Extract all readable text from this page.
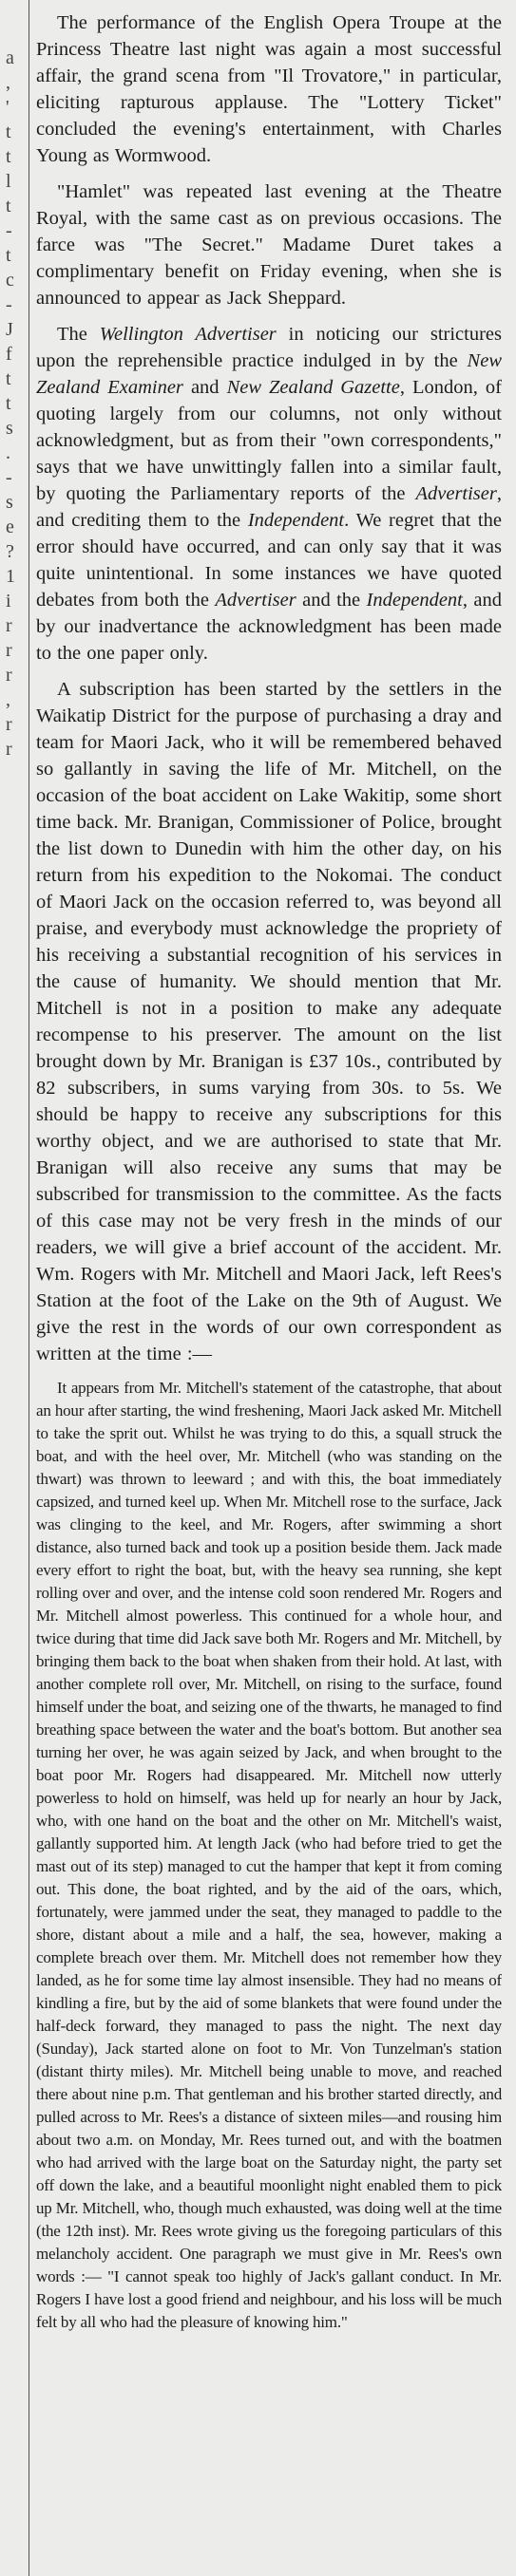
a
,
'
t
t
l
t
-
t
c
-
J
f
t
t
s
.
-
s
e
?
1
i
r
r
r
,
r
r

The performance of the English Opera Troupe at the Princess Theatre last night was again a most successful affair, the grand scena from "Il Trovatore," in particular, eliciting rapturous applause. The "Lottery Ticket" concluded the evening's entertainment, with Charles Young as Wormwood.

"Hamlet" was repeated last evening at the Theatre Royal, with the same cast as on previous occasions. The farce was "The Secret." Madame Duret takes a complimentary benefit on Friday evening, when she is announced to appear as Jack Sheppard.

The Wellington Advertiser in noticing our strictures upon the reprehensible practice indulged in by the New Zealand Examiner and New Zealand Gazette, London, of quoting largely from our columns, not only without acknowledgment, but as from their "own correspondents," says that we have unwittingly fallen into a similar fault, by quoting the Parliamentary reports of the Advertiser, and crediting them to the Independent. We regret that the error should have occurred, and can only say that it was quite unintentional. In some instances we have quoted debates from both the Advertiser and the Independent, and by our inadvertance the acknowledgment has been made to the one paper only.

A subscription has been started by the settlers in the Waikatip District for the purpose of purchasing a dray and team for Maori Jack, who it will be remembered behaved so gallantly in saving the life of Mr. Mitchell, on the occasion of the boat accident on Lake Wakitip, some short time back. Mr. Branigan, Commissioner of Police, brought the list down to Dunedin with him the other day, on his return from his expedition to the Nokomai. The conduct of Maori Jack on the occasion referred to, was beyond all praise, and everybody must acknowledge the propriety of his receiving a substantial recognition of his services in the cause of humanity. We should mention that Mr. Mitchell is not in a position to make any adequate recompense to his preserver. The amount on the list brought down by Mr. Branigan is £37 10s., contributed by 82 subscribers, in sums varying from 30s. to 5s. We should be happy to receive any subscriptions for this worthy object, and we are authorised to state that Mr. Branigan will also receive any sums that may be subscribed for transmission to the committee. As the facts of this case may not be very fresh in the minds of our readers, we will give a brief account of the accident. Mr. Wm. Rogers with Mr. Mitchell and Maori Jack, left Rees's Station at the foot of the Lake on the 9th of August. We give the rest in the words of our own correspondent as written at the time :—

It appears from Mr. Mitchell's statement of the catastrophe, that about an hour after starting, the wind freshening, Maori Jack asked Mr. Mitchell to take the sprit out. Whilst he was trying to do this, a squall struck the boat, and with the heel over, Mr. Mitchell (who was standing on the thwart) was thrown to leeward ; and with this, the boat immediately capsized, and turned keel up. When Mr. Mitchell rose to the surface, Jack was clinging to the keel, and Mr. Rogers, after swimming a short distance, also turned back and took up a position beside them. Jack made every effort to right the boat, but, with the heavy sea running, she kept rolling over and over, and the intense cold soon rendered Mr. Rogers and Mr. Mitchell almost powerless. This continued for a whole hour, and twice during that time did Jack save both Mr. Rogers and Mr. Mitchell, by bringing them back to the boat when shaken from their hold. At last, with another complete roll over, Mr. Mitchell, on rising to the surface, found himself under the boat, and seizing one of the thwarts, he managed to find breathing space between the water and the boat's bottom. But another sea turning her over, he was again seized by Jack, and when brought to the boat poor Mr. Rogers had disappeared. Mr. Mitchell now utterly powerless to hold on himself, was held up for nearly an hour by Jack, who, with one hand on the boat and the other on Mr. Mitchell's waist, gallantly supported him. At length Jack (who had before tried to get the mast out of its step) managed to cut the hamper that kept it from coming out. This done, the boat righted, and by the aid of the oars, which, fortunately, were jammed under the seat, they managed to paddle to the shore, distant about a mile and a half, the sea, however, making a complete breach over them. Mr. Mitchell does not remember how they landed, as he for some time lay almost insensible. They had no means of kindling a fire, but by the aid of some blankets that were found under the half-deck forward, they managed to pass the night. The next day (Sunday), Jack started alone on foot to Mr. Von Tunzelman's station (distant thirty miles). Mr. Mitchell being unable to move, and reached there about nine p.m. That gentleman and his brother started directly, and pulled across to Mr. Rees's a distance of sixteen miles—and rousing him about two a.m. on Monday, Mr. Rees turned out, and with the boatmen who had arrived with the large boat on the Saturday night, the party set off down the lake, and a beautiful moonlight night enabled them to pick up Mr. Mitchell, who, though much exhausted, was doing well at the time (the 12th inst). Mr. Rees wrote giving us the foregoing particulars of this melancholy accident. One paragraph we must give in Mr. Rees's own words :— "I cannot speak too highly of Jack's gallant conduct. In Mr. Rogers I have lost a good friend and neighbour, and his loss will be much felt by all who had the pleasure of knowing him."
